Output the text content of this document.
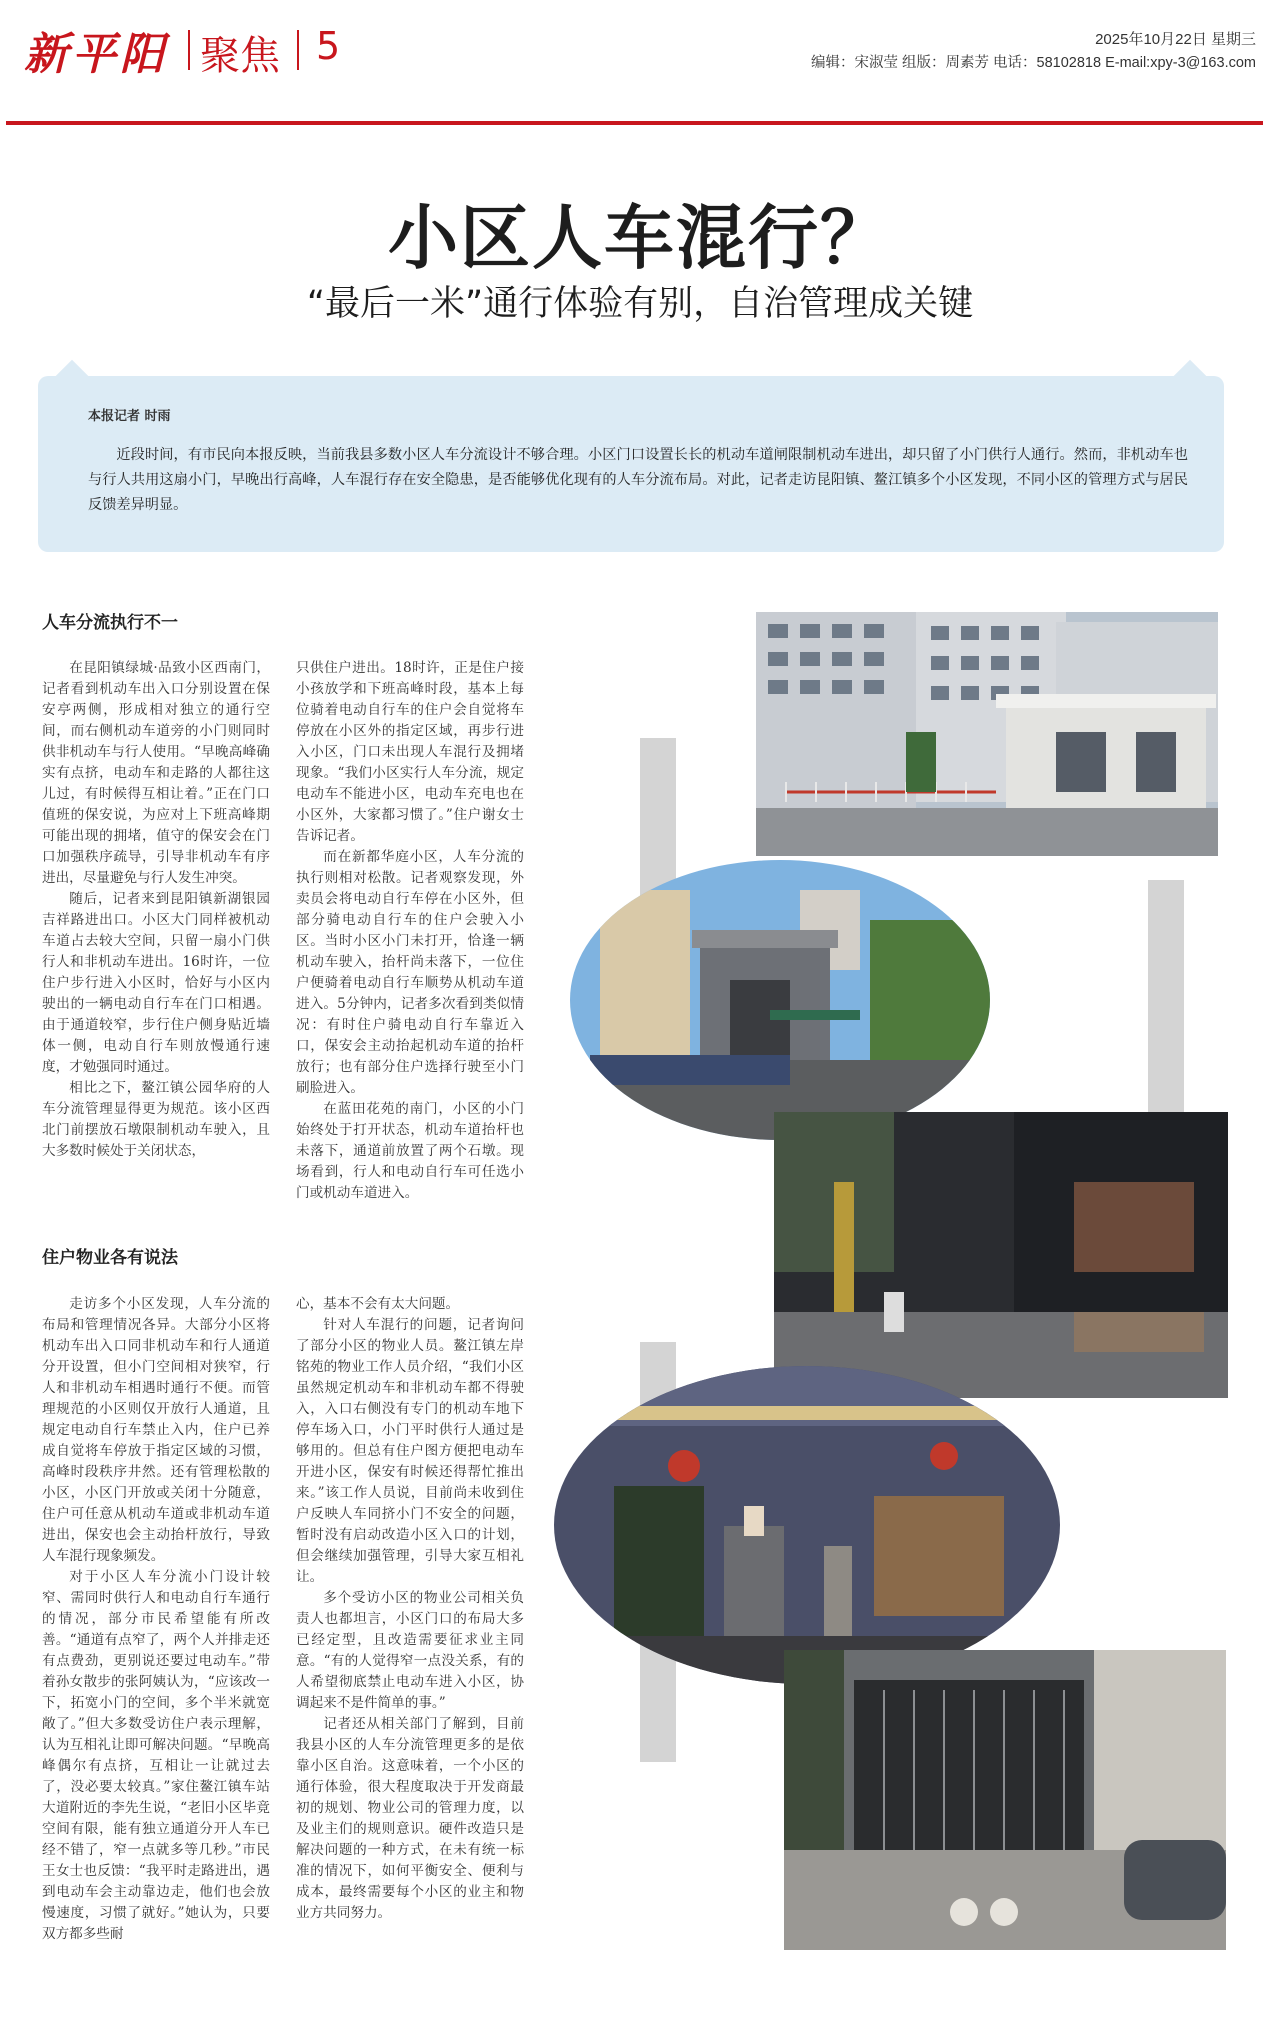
新平阳 聚焦 5	2025年10月22日 星期三
编辑：宋淑莹 组版：周素芳 电话：58102818 E-mail:xpy-3@163.com
小区人车混行？
“最后一米”通行体验有别，自治管理成关键
本报记者 时雨
近段时间，有市民向本报反映，当前我县多数小区人车分流设计不够合理。小区门口设置长长的机动车道闸限制机动车进出，却只留了小门供行人通行。然而，非机动车也与行人共用这扇小门，早晚出行高峰，人车混行存在安全隐患，是否能够优化现有的人车分流布局。对此，记者走访昆阳镇、鳌江镇多个小区发现，不同小区的管理方式与居民反馈差异明显。
人车分流执行不一

在昆阳镇绿城·品致小区西南门，记者看到机动车出入口分别设置在保安亭两侧，形成相对独立的通行空间，而右侧机动车道旁的小门则同时供非机动车与行人使用。“早晚高峰确实有点挤，电动车和走路的人都往这儿过，有时候得互相让着。”正在门口值班的保安说，为应对上下班高峰期可能出现的拥堵，值守的保安会在门口加强秩序疏导，引导非机动车有序进出，尽量避免与行人发生冲突。

随后，记者来到昆阳镇新湖银园吉祥路进出口。小区大门同样被机动车道占去较大空间，只留一扇小门供行人和非机动车进出。16时许，一位住户步行进入小区时，恰好与小区内驶出的一辆电动自行车在门口相遇。由于通道较窄，步行住户侧身贴近墙体一侧，电动自行车则放慢通行速度，才勉强同时通过。

相比之下，鳌江镇公园华府的人车分流管理显得更为规范。该小区西北门前摆放石墩限制机动车驶入，且大多数时候处于关闭状态，

只供住户进出。18时许，正是住户接小孩放学和下班高峰时段，基本上每位骑着电动自行车的住户会自觉将车停放在小区外的指定区域，再步行进入小区，门口未出现人车混行及拥堵现象。“我们小区实行人车分流，规定电动车不能进小区，电动车充电也在小区外，大家都习惯了。”住户谢女士告诉记者。

而在新都华庭小区，人车分流的执行则相对松散。记者观察发现，外卖员会将电动自行车停在小区外，但部分骑电动自行车的住户会驶入小区。当时小区小门未打开，恰逢一辆机动车驶入，抬杆尚未落下，一位住户便骑着电动自行车顺势从机动车道进入。5分钟内，记者多次看到类似情况：有时住户骑电动自行车靠近入口，保安会主动抬起机动车道的抬杆放行；也有部分住户选择行驶至小门刷脸进入。

在蓝田花苑的南门，小区的小门始终处于打开状态，机动车道抬杆也未落下，通道前放置了两个石墩。现场看到，行人和电动自行车可任选小门或机动车道进入。

住户物业各有说法

走访多个小区发现，人车分流的布局和管理情况各异。大部分小区将机动车出入口同非机动车和行人通道分开设置，但小门空间相对狭窄，行人和非机动车相遇时通行不便。而管理规范的小区则仅开放行人通道，且规定电动自行车禁止入内，住户已养成自觉将车停放于指定区域的习惯，高峰时段秩序井然。还有管理松散的小区，小区门开放或关闭十分随意，住户可任意从机动车道或非机动车道进出，保安也会主动抬杆放行，导致人车混行现象频发。

对于小区人车分流小门设计较窄、需同时供行人和电动自行车通行的情况，部分市民希望能有所改善。“通道有点窄了，两个人并排走还有点费劲，更别说还要过电动车。”带着孙女散步的张阿姨认为，“应该改一下，拓宽小门的空间，多个半米就宽敞了。”但大多数受访住户表示理解，认为互相礼让即可解决问题。“早晚高峰偶尔有点挤，互相让一让就过去了，没必要太较真。”家住鳌江镇车站大道附近的李先生说，“老旧小区毕竟空间有限，能有独立通道分开人车已经不错了，窄一点就多等几秒。”市民王女士也反馈：“我平时走路进出，遇到电动车会主动靠边走，他们也会放慢速度，习惯了就好。”她认为，只要双方都多些耐

心，基本不会有太大问题。

针对人车混行的问题，记者询问了部分小区的物业人员。鳌江镇左岸铭苑的物业工作人员介绍，“我们小区虽然规定机动车和非机动车都不得驶入，入口右侧没有专门的机动车地下停车场入口，小门平时供行人通过是够用的。但总有住户图方便把电动车开进小区，保安有时候还得帮忙推出来。”该工作人员说，目前尚未收到住户反映人车同挤小门不安全的问题，暂时没有启动改造小区入口的计划，但会继续加强管理，引导大家互相礼让。

多个受访小区的物业公司相关负责人也都坦言，小区门口的布局大多已经定型，且改造需要征求业主同意。“有的人觉得窄一点没关系，有的人希望彻底禁止电动车进入小区，协调起来不是件简单的事。”

记者还从相关部门了解到，目前我县小区的人车分流管理更多的是依靠小区自治。这意味着，一个小区的通行体验，很大程度取决于开发商最初的规划、物业公司的管理力度，以及业主们的规则意识。硬件改造只是解决问题的一种方式，在未有统一标准的情况下，如何平衡安全、便利与成本，最终需要每个小区的业主和物业方共同努力。
